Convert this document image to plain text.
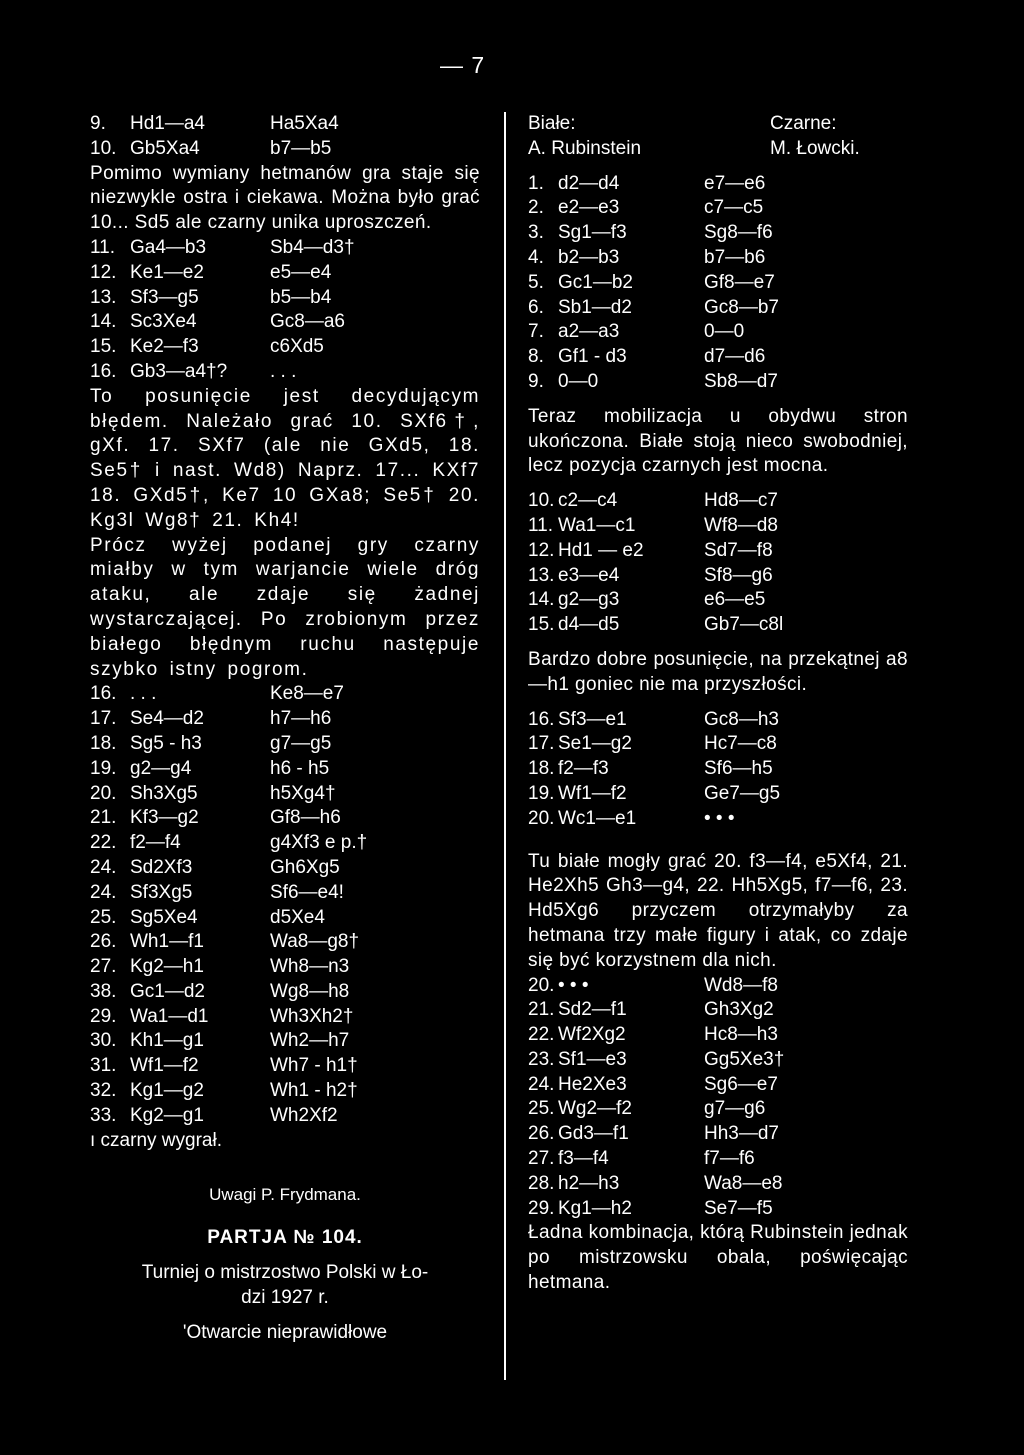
— 7
9.	Hd1—a4	Ha5Xa4
10. Gb5Xa4	b7—b5

Pomimo wymiany hetmanów gra staje się niezwykle ostra i ciekawa. Można było grać 10... Sd5 ale czarny unika uproszczeń.

11. Ga4—b3	Sb4—d3†
12. Ke1—e2	e5—e4
13. Sf3—g5	b5—b4
14. Sc3Xe4	Gc8—a6
15. Ke2—f3	c6Xd5
16. Gb3—a4†?	. . .

To posunięcie jest decydującym błędem. Należało grać 10. SXf6†, gXf. 17. SXf7 (ale nie GXd5, 18. Se5† i nast. Wd8) Naprz. 17... KXf7 18. GXd5†, Ke7 10 GXa8; Se5† 20. Kg3l Wg8† 21. Kh4!

Prócz wyżej podanej gry czarny miałby w tym warjancie wiele dróg ataku, ale zdaje się żadnej wystarczającej. Po zrobionym przez białego błędnym ruchu następuje szybko istny pogrom.

16. . . .	Ke8—e7
17. Se4—d2	h7—h6
18. Sg5 - h3	g7—g5
19. g2—g4	h6 - h5
20. Sh3Xg5	h5Xg4†
21. Kf3—g2	Gf8—h6
22. f2—f4	g4Xf3 e p.†
24. Sd2Xf3	Gh6Xg5
24. Sf3Xg5	Sf6—e4!
25. Sg5Xe4	d5Xe4
26. Wh1—f1	Wa8—g8†
27. Kg2—h1	Wh8—n3
38. Gc1—d2	Wg8—h8
29. Wa1—d1	Wh3Xh2†
30. Kh1—g1	Wh2—h7
31. Wf1—f2	Wh7 - h1†
32. Kg1—g2	Wh1 - h2†
33. Kg2—g1	Wh2Xf2
ı czarny wygrał.
Uwagi P. Frydmana.
PARTJA № 104.
Turniej o mistrzostwo Polski w Ło-
dzi 1927 r.
'Otwarcie nieprawidłowe
Białe:	Czarne:
A. Rubinstein	M. Łowcki.
1. d2—d4	e7—e6
2. e2—e3	c7—c5
3. Sg1—f3	Sg8—f6
4. b2—b3	b7—b6
5. Gc1—b2	Gf8—e7
6. Sb1—d2	Gc8—b7
7. a2—a3	0—0
8. Gf1 - d3	d7—d6
9. 0—0	Sb8—d7

Teraz mobilizacja u obydwu stron ukończona. Białe stoją nieco swobodniej, lecz pozycja czarnych jest mocna.

10. c2—c4	Hd8—c7
11. Wa1—c1	Wf8—d8
12. Hd1 — e2	Sd7—f8
13. e3—e4	Sf8—g6
14. g2—g3	e6—e5
15. d4—d5	Gb7—c8l

Bardzo dobre posunięcie, na przekątnej a8—h1 goniec nie ma przyszłości.

16. Sf3—e1	Gc8—h3
17. Se1—g2	Hc7—c8
18. f2—f3	Sf6—h5
19. Wf1—f2	Ge7—g5
20. Wc1—e1	• • •

Tu białe mogły grać 20. f3—f4, e5Xf4, 21. He2Xh5 Gh3—g4, 22. Hh5Xg5, f7—f6, 23. Hd5Xg6 przyczem otrzymałyby za hetmana trzy małe figury i atak, co zdaje się być korzystnem dla nich.

20. • • •	Wd8—f8
21. Sd2—f1	Gh3Xg2
22. Wf2Xg2	Hc8—h3
23. Sf1—e3	Gg5Xe3†
24. He2Xe3	Sg6—e7
25. Wg2—f2	g7—g6
26. Gd3—f1	Hh3—d7
27. f3—f4	f7—f6
28. h2—h3	Wa8—e8
29. Kg1—h2	Se7—f5

Ładna kombinacja, którą Rubinstein jednak po mistrzowsku obala, poświęcając hetmana.
